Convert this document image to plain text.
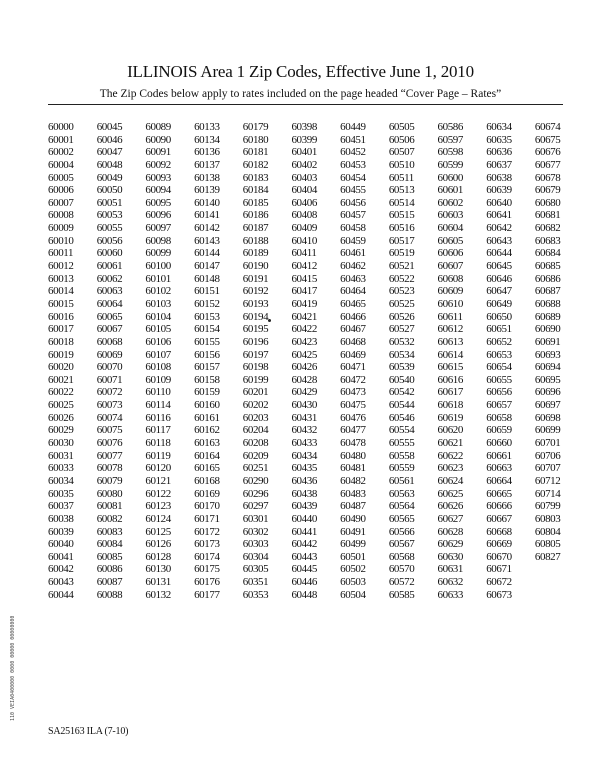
ILLINOIS Area 1 Zip Codes, Effective June 1, 2010
The Zip Codes below apply to rates included on the page headed “Cover Page – Rates”
60000
60001
60002
60004
60005
60006
60007
60008
60009
60010
60011
60012
60013
60014
60015
60016
60017
60018
60019
60020
60021
60022
60025
60026
60029
60030
60031
60033
60034
60035
60037
60038
60039
60040
60041
60042
60043
60044
60045
60046
60047
60048
60049
60050
60051
60053
60055
60056
60060
60061
60062
60063
60064
60065
60067
60068
60069
60070
60071
60072
60073
60074
60075
60076
60077
60078
60079
60080
60081
60082
60083
60084
60085
60086
60087
60088
60089
60090
60091
60092
60093
60094
60095
60096
60097
60098
60099
60100
60101
60102
60103
60104
60105
60106
60107
60108
60109
60110
60114
60116
60117
60118
60119
60120
60121
60122
60123
60124
60125
60126
60128
60130
60131
60132
60133
60134
60136
60137
60138
60139
60140
60141
60142
60143
60144
60147
60148
60151
60152
60153
60154
60155
60156
60157
60158
60159
60160
60161
60162
60163
60164
60165
60168
60169
60170
60171
60172
60173
60174
60175
60176
60177
60179
60180
60181
60182
60183
60184
60185
60186
60187
60188
60189
60190
60191
60192
60193
60194
60195
60196
60197
60198
60199
60201
60202
60203
60204
60208
60209
60251
60290
60296
60297
60301
60302
60303
60304
60305
60351
60353
60398
60399
60401
60402
60403
60404
60406
60408
60409
60410
60411
60412
60415
60417
60419
60421
60422
60423
60425
60426
60428
60429
60430
60431
60432
60433
60434
60435
60436
60438
60439
60440
60441
60442
60443
60445
60446
60448
60449
60451
60452
60453
60454
60455
60456
60457
60458
60459
60461
60462
60463
60464
60465
60466
60467
60468
60469
60471
60472
60473
60475
60476
60477
60478
60480
60481
60482
60483
60487
60490
60491
60499
60501
60502
60503
60504
60505
60506
60507
60510
60511
60513
60514
60515
60516
60517
60519
60521
60522
60523
60525
60526
60527
60532
60534
60539
60540
60542
60544
60546
60554
60555
60558
60559
60561
60563
60564
60565
60566
60567
60568
60570
60572
60585
60586
60597
60598
60599
60600
60601
60602
60603
60604
60605
60606
60607
60608
60609
60610
60611
60612
60613
60614
60615
60616
60617
60618
60619
60620
60621
60622
60623
60624
60625
60626
60627
60628
60629
60630
60631
60632
60633
60634
60635
60636
60637
60638
60639
60640
60641
60642
60643
60644
60645
60646
60647
60649
60650
60651
60652
60653
60654
60655
60656
60657
60658
60659
60660
60661
60663
60664
60665
60666
60667
60668
60669
60670
60671
60672
60673
60674
60675
60676
60677
60678
60679
60680
60681
60682
60683
60684
60685
60686
60687
60688
60689
60690
60691
60693
60694
60695
60696
60697
60698
60699
60701
60706
60707
60712
60714
60799
60803
60804
60805
60827
110 VEIA0400000 0000 00000 00000000
SA25163 ILA (7-10)
